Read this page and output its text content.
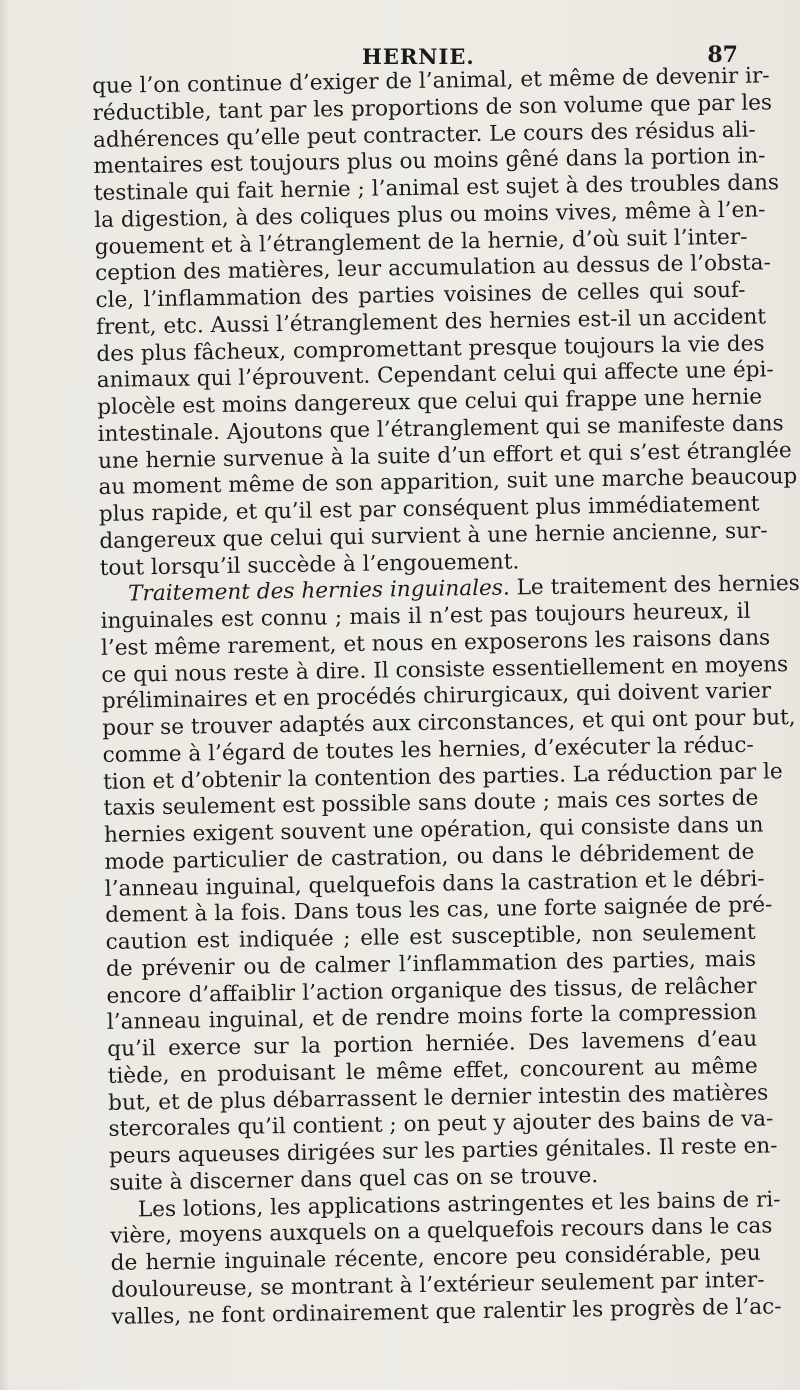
HERNIE.	87
que l’on continue d’exiger de l’animal, et même de devenir ir-
réductible, tant par les proportions de son volume que par les
adhérences qu’elle peut contracter. Le cours des résidus ali-
mentaires est toujours plus ou moins gêné dans la portion in-
testinale qui fait hernie ; l’animal est sujet à des troubles dans
la digestion, à des coliques plus ou moins vives, même à l’en-
gouement et à l’étranglement de la hernie, d’où suit l’inter-
ception des matières, leur accumulation au dessus de l’obsta-
cle, l’inflammation des parties voisines de celles qui souf-
frent, etc. Aussi l’étranglement des hernies est-il un accident
des plus fâcheux, compromettant presque toujours la vie des
animaux qui l’éprouvent. Cependant celui qui affecte une épi-
plocèle est moins dangereux que celui qui frappe une hernie
intestinale. Ajoutons que l’étranglement qui se manifeste dans
une hernie survenue à la suite d’un effort et qui s’est étranglée
au moment même de son apparition, suit une marche beaucoup
plus rapide, et qu’il est par conséquent plus immédiatement
dangereux que celui qui survient à une hernie ancienne, sur-
tout lorsqu’il succède à l’engouement.
Traitement des hernies inguinales. Le traitement des hernies
inguinales est connu ; mais il n’est pas toujours heureux, il
l’est même rarement, et nous en exposerons les raisons dans
ce qui nous reste à dire. Il consiste essentiellement en moyens
préliminaires et en procédés chirurgicaux, qui doivent varier
pour se trouver adaptés aux circonstances, et qui ont pour but,
comme à l’égard de toutes les hernies, d’exécuter la réduc-
tion et d’obtenir la contention des parties. La réduction par le
taxis seulement est possible sans doute ; mais ces sortes de
hernies exigent souvent une opération, qui consiste dans un
mode particulier de castration, ou dans le débridement de
l’anneau inguinal, quelquefois dans la castration et le débri-
dement à la fois. Dans tous les cas, une forte saignée de pré-
caution est indiquée ; elle est susceptible, non seulement
de prévenir ou de calmer l’inflammation des parties, mais
encore d’affaiblir l’action organique des tissus, de relâcher
l’anneau inguinal, et de rendre moins forte la compression
qu’il exerce sur la portion herniée. Des lavemens d’eau
tiède, en produisant le même effet, concourent au même
but, et de plus débarrassent le dernier intestin des matières
stercorales qu’il contient ; on peut y ajouter des bains de va-
peurs aqueuses dirigées sur les parties génitales. Il reste en-
suite à discerner dans quel cas on se trouve.
Les lotions, les applications astringentes et les bains de ri-
vière, moyens auxquels on a quelquefois recours dans le cas
de hernie inguinale récente, encore peu considérable, peu
douloureuse, se montrant à l’extérieur seulement par inter-
valles, ne font ordinairement que ralentir les progrès de l’ac-
